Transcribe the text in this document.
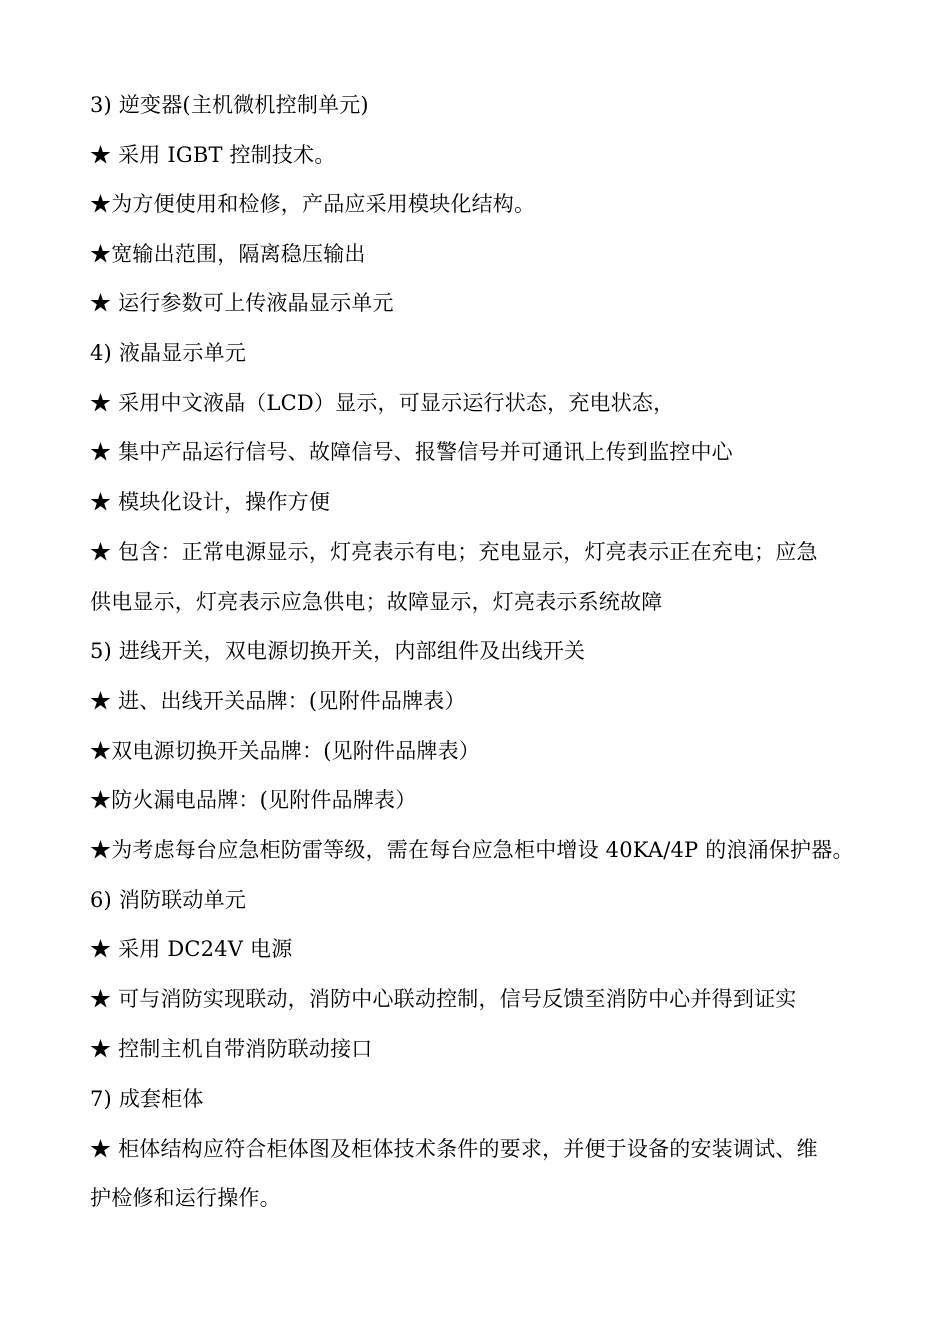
3) 逆变器(主机微机控制单元)
★ 采用 IGBT 控制技术。
★为方便使用和检修，产品应采用模块化结构。
★宽输出范围，隔离稳压输出
★ 运行参数可上传液晶显示单元
4) 液晶显示单元
★ 采用中文液晶（LCD）显示，可显示运行状态，充电状态，
★ 集中产品运行信号、故障信号、报警信号并可通讯上传到监控中心
★ 模块化设计，操作方便
★ 包含：正常电源显示，灯亮表示有电；充电显示，灯亮表示正在充电；应急
供电显示，灯亮表示应急供电；故障显示，灯亮表示系统故障
5) 进线开关，双电源切换开关，内部组件及出线开关
★ 进、出线开关品牌：(见附件品牌表）
★双电源切换开关品牌：(见附件品牌表）
★防火漏电品牌：(见附件品牌表）
★为考虑每台应急柜防雷等级，需在每台应急柜中增设 40KA/4P 的浪涌保护器。
6) 消防联动单元
★ 采用 DC24V 电源
★ 可与消防实现联动，消防中心联动控制，信号反馈至消防中心并得到证实
★ 控制主机自带消防联动接口
7) 成套柜体
★ 柜体结构应符合柜体图及柜体技术条件的要求，并便于设备的安装调试、维
护检修和运行操作。
